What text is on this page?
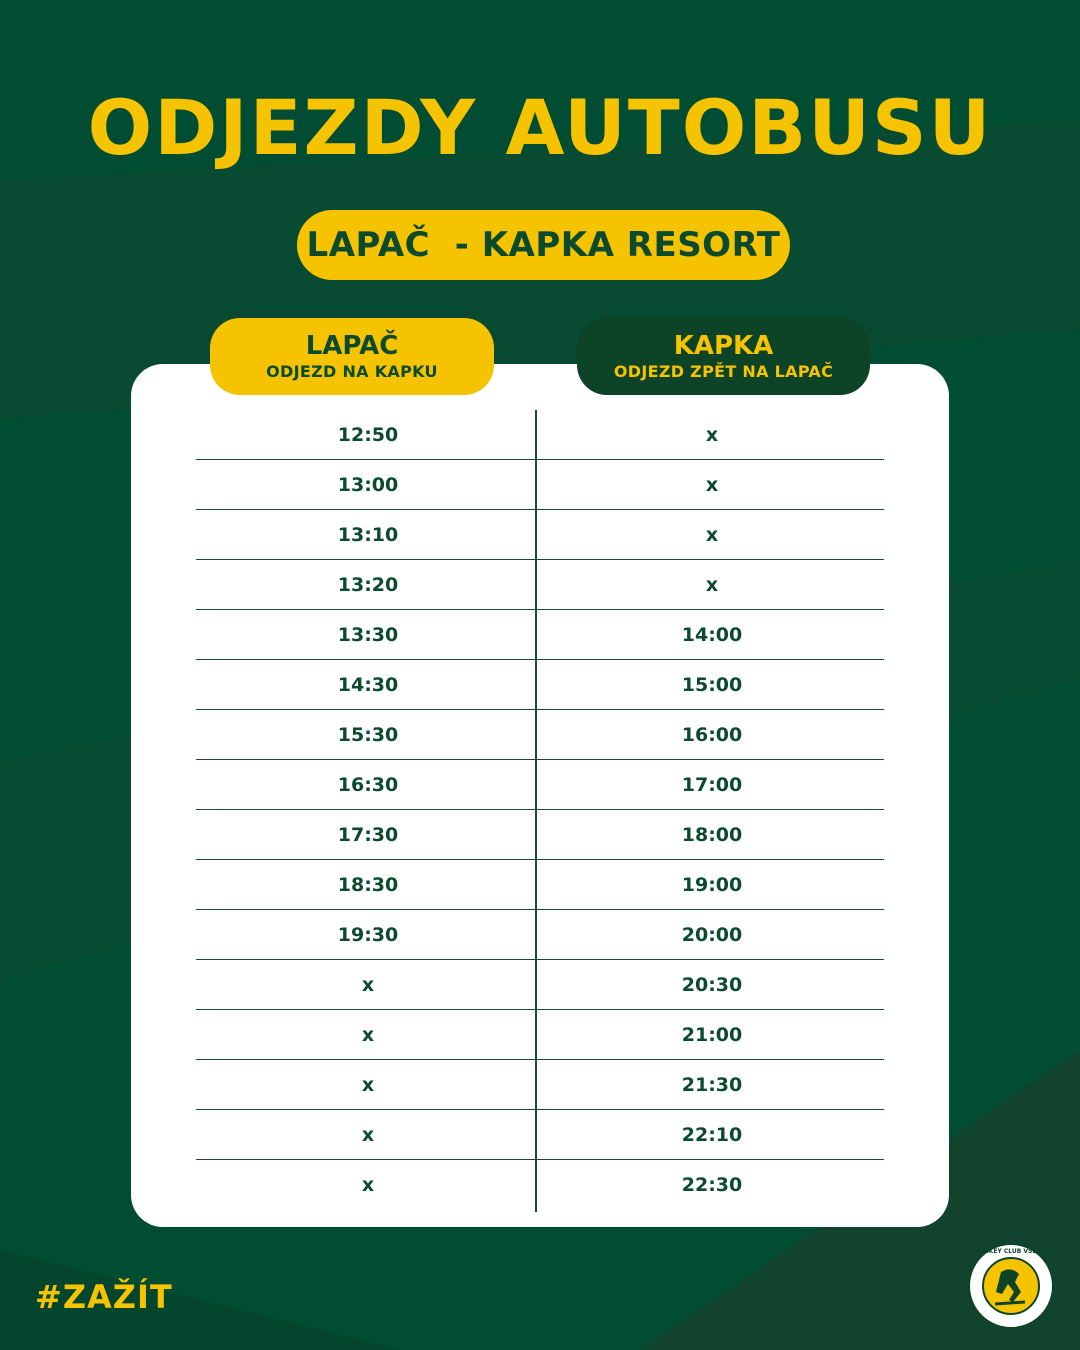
ODJEZDY AUTOBUSU
LAPAČ  - KAPKA RESORT
LAPAČ
ODJEZD NA KAPKU
KAPKA
ODJEZD ZPĚT NA LAPAČ
12:50	x
13:00	x
13:10	x
13:20	x
13:30	14:00
14:30	15:00
15:30	16:00
16:30	17:00
17:30	18:00
18:30	19:00
19:30	20:00
x	20:30
x	21:00
x	21:30
x	22:10
x	22:30
#ZAŽÍT
HOCKEY CLUB VSETÍN
